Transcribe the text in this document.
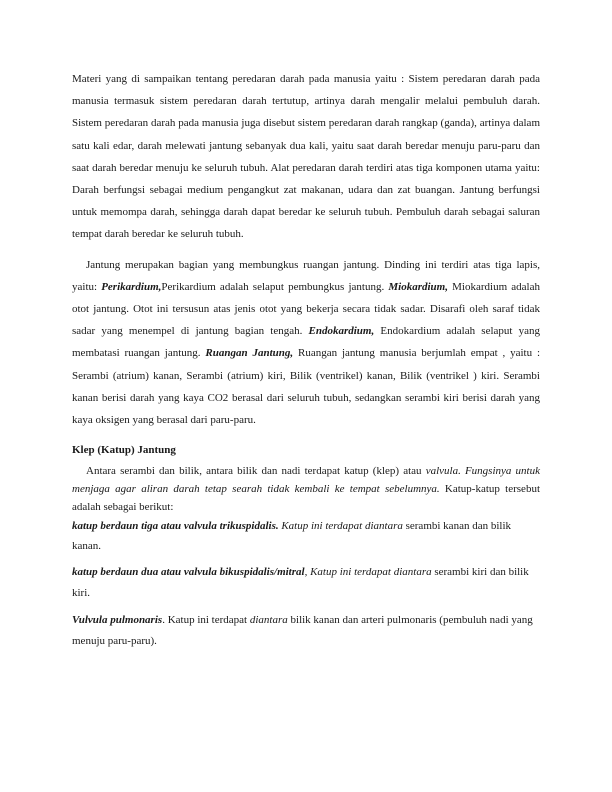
Materi yang di sampaikan tentang peredaran darah pada manusia yaitu : Sistem peredaran darah pada manusia termasuk sistem peredaran darah tertutup, artinya darah mengalir melalui pembuluh darah. Sistem peredaran darah pada manusia juga disebut sistem peredaran darah rangkap (ganda), artinya dalam satu kali edar, darah melewati jantung sebanyak dua kali, yaitu saat darah beredar menuju paru-paru dan saat darah beredar menuju ke seluruh tubuh. Alat peredaran darah terdiri atas tiga komponen utama yaitu: Darah berfungsi sebagai medium pengangkut zat makanan, udara dan zat buangan. Jantung berfungsi untuk memompa darah, sehingga darah dapat beredar ke seluruh tubuh. Pembuluh darah sebagai saluran tempat darah beredar ke seluruh tubuh.

Jantung merupakan bagian yang membungkus ruangan jantung. Dinding ini terdiri atas tiga lapis, yaitu: Perikardium,Perikardium adalah selaput pembungkus jantung. Miokardium, Miokardium adalah otot jantung. Otot ini tersusun atas jenis otot yang bekerja secara tidak sadar. Disarafi oleh saraf tidak sadar yang menempel di jantung bagian tengah. Endokardium, Endokardium adalah selaput yang membatasi ruangan jantung. Ruangan Jantung, Ruangan jantung manusia berjumlah empat , yaitu : Serambi (atrium) kanan, Serambi (atrium) kiri, Bilik (ventrikel) kanan, Bilik (ventrikel ) kiri. Serambi kanan berisi darah yang kaya CO2 berasal dari seluruh tubuh, sedangkan serambi kiri berisi darah yang kaya oksigen yang berasal dari paru-paru.

Klep (Katup) Jantung

Antara serambi dan bilik, antara bilik dan nadi terdapat katup (klep) atau valvula. Fungsinya untuk menjaga agar aliran darah tetap searah tidak kembali ke tempat sebelumnya. Katup-katup tersebut adalah sebagai berikut:

katup berdaun tiga atau valvula trikuspidalis. Katup ini terdapat diantara serambi kanan dan bilik kanan.

katup berdaun dua atau valvula bikuspidalis/mitral, Katup ini terdapat diantara serambi kiri dan bilik kiri.

Vulvula pulmonaris. Katup ini terdapat diantara bilik kanan dan arteri pulmonaris (pembuluh nadi yang menuju paru-paru).
